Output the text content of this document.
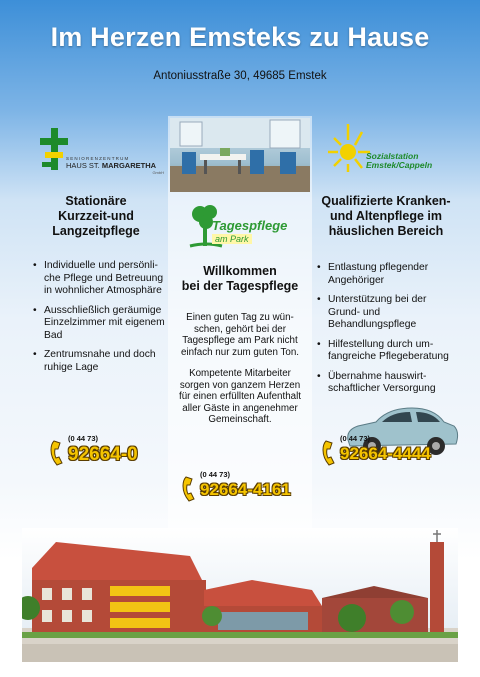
Im Herzen Emsteks zu Hause
Antoniusstraße 30, 49685 Emstek
SENIORENZENTRUM
HAUS ST. MARGARETHA
GmbH
Stationäre
Kurzzeit-und
Langzeitpflege
• Individuelle und persönli-che Pflege und Betreuung in wohnlicher Atmosphäre
• Ausschließlich geräumige Einzelzimmer mit eigenem Bad
• Zentrumsnahe und doch ruhige Lage
(0 44 73)
92664-0
Tagespflege
am Park
Willkommen
bei der Tagespflege
Einen guten Tag zu wün-
schen, gehört bei der
Tagespflege am Park nicht
einfach nur zum guten Ton.
Kompetente Mitarbeiter
sorgen von ganzem Herzen
für einen erfüllten Aufenthalt
aller Gäste in angenehmer
Gemeinschaft.
(0 44 73)
92664-4161
Sozialstation
Emstek/Cappeln
Qualifizierte Kranken-
und Altenpflege im
häuslichen Bereich
• Entlastung pflegender Angehöriger
• Unterstützung bei der Grund- und Behandlungspflege
• Hilfestellung durch um-fangreiche Pflegeberatung
• Übernahme hauswirt-schaftlicher Versorgung
(0 44 73)
92664-4444
